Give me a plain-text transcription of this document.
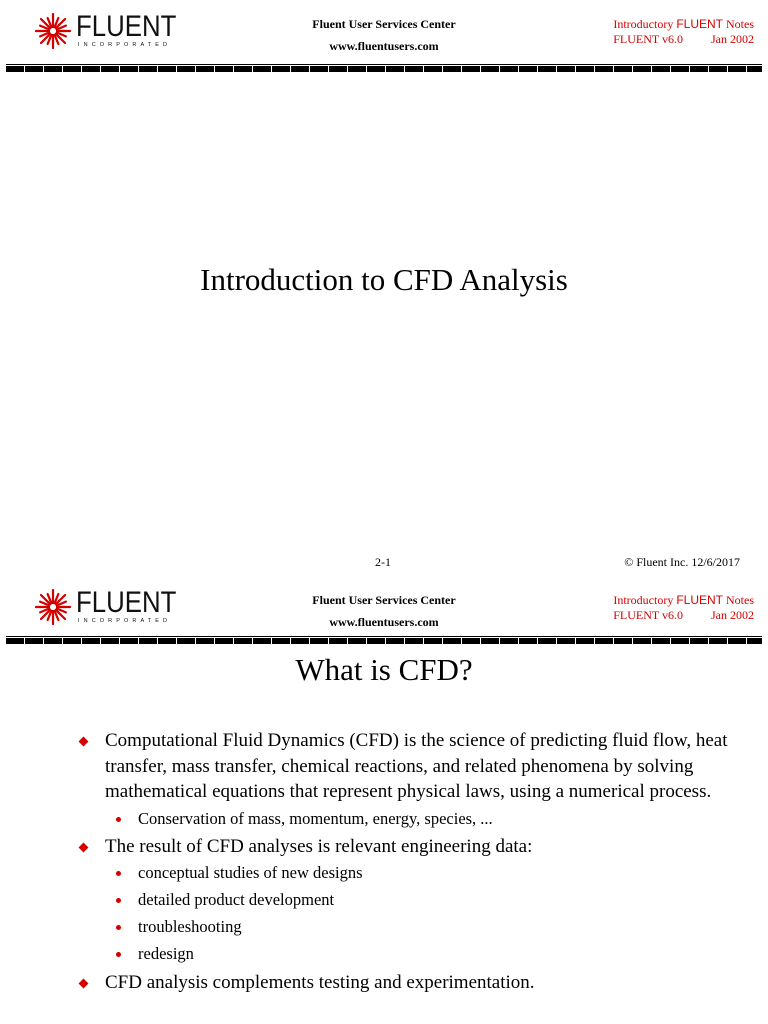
FLUENT
INCORPORATED
Fluent User Services Center
www.fluentusers.com
Introductory FLUENT Notes
FLUENT v6.0 Jan 2002
Introduction to CFD Analysis
2-1	© Fluent Inc. 12/6/2017
FLUENT
INCORPORATED
Fluent User Services Center
www.fluentusers.com
Introductory FLUENT Notes
FLUENT v6.0 Jan 2002
What is CFD?
Computational Fluid Dynamics (CFD) is the science of predicting fluid flow, heat transfer, mass transfer, chemical reactions, and related phenomena by solving mathematical equations that represent physical laws, using a numerical process.
Conservation of mass, momentum, energy, species, ...
The result of CFD analyses is relevant engineering data:
conceptual studies of new designs
detailed product development
troubleshooting
redesign
CFD analysis complements testing and experimentation.
